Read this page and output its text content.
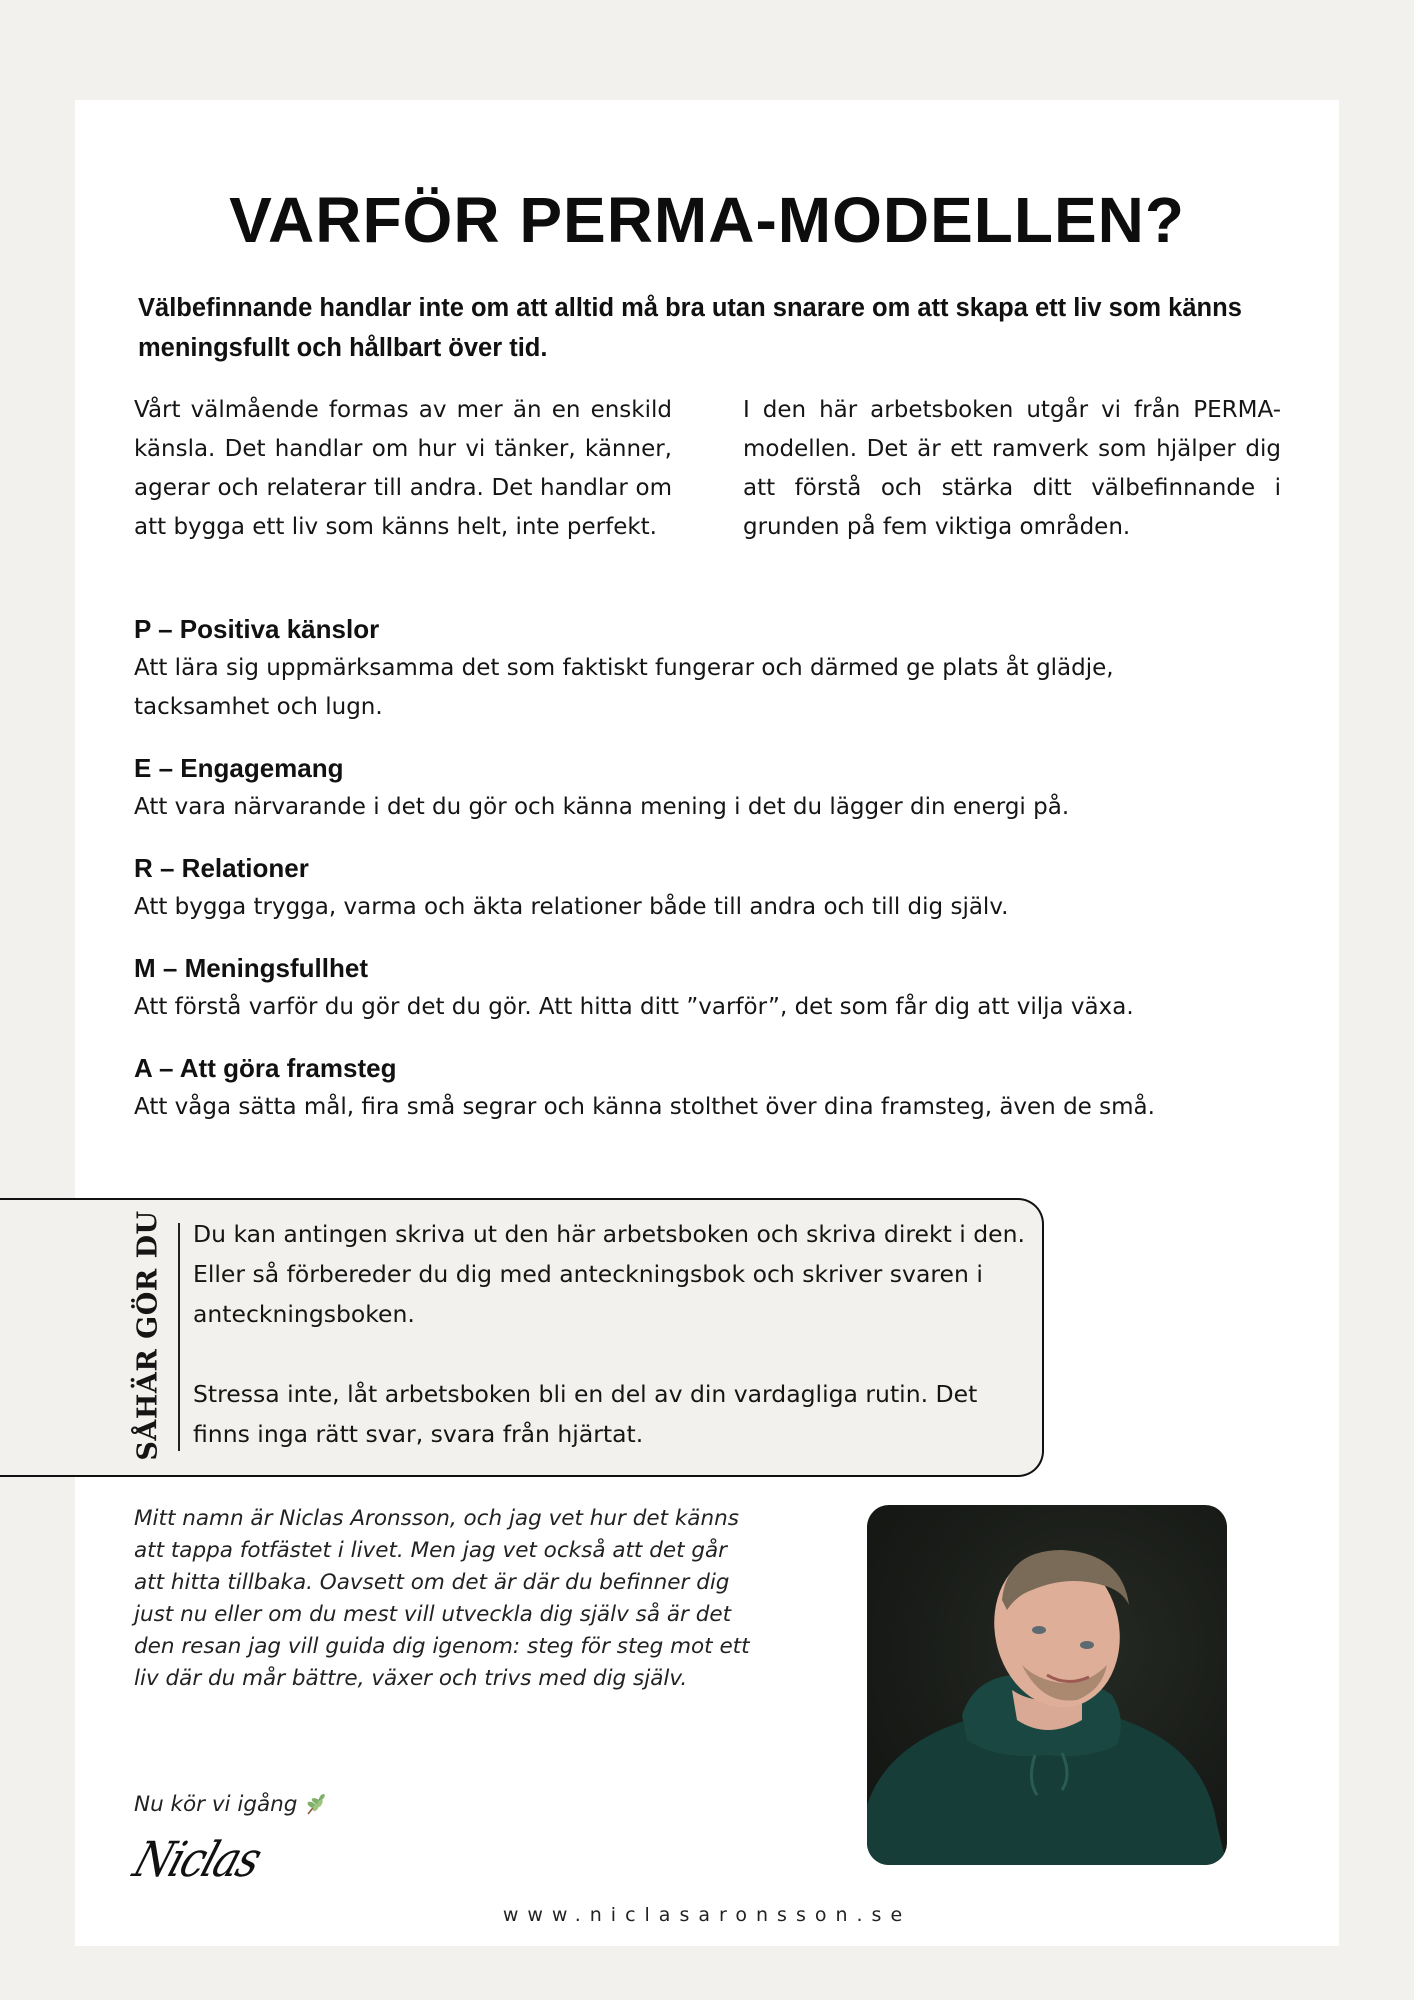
VARFÖR PERMA-MODELLEN?

Välbefinnande handlar inte om att alltid må bra utan snarare om att skapa ett liv som känns meningsfullt och hållbart över tid.

Vårt välmående formas av mer än en enskild känsla. Det handlar om hur vi tänker, känner, agerar och relaterar till andra. Det handlar om att bygga ett liv som känns helt, inte perfekt.

I den här arbetsboken utgår vi från PERMA-modellen. Det är ett ramverk som hjälper dig att förstå och stärka ditt välbefinnande i grunden på fem viktiga områden.

P – Positiva känslor

Att lära sig uppmärksamma det som faktiskt fungerar och därmed ge plats åt glädje, tacksamhet och lugn.

E – Engagemang

Att vara närvarande i det du gör och känna mening i det du lägger din energi på.

R – Relationer

Att bygga trygga, varma och äkta relationer både till andra och till dig själv.

M – Meningsfullhet

Att förstå varför du gör det du gör. Att hitta ditt ”varför”, det som får dig att vilja växa.

A – Att göra framsteg

Att våga sätta mål, fira små segrar och känna stolthet över dina framsteg, även de små.

SÅHÄR GÖR DU Du kan antingen skriva ut den här arbetsboken och skriva direkt i den. Eller så förbereder du dig med anteckningsbok och skriver svaren i anteckningsboken.

Stressa inte, låt arbetsboken bli en del av din vardagliga rutin. Det finns inga rätt svar, svara från hjärtat.

Mitt namn är Niclas Aronsson, och jag vet hur det känns att tappa fotfästet i livet. Men jag vet också att det går att hitta tillbaka. Oavsett om det är där du befinner dig just nu eller om du mest vill utveckla dig själv så är det den resan jag vill guida dig igenom: steg för steg mot ett liv där du mår bättre, växer och trivs med dig själv.

Nu kör vi igång
Niclas
www.niclasaronsson.se
